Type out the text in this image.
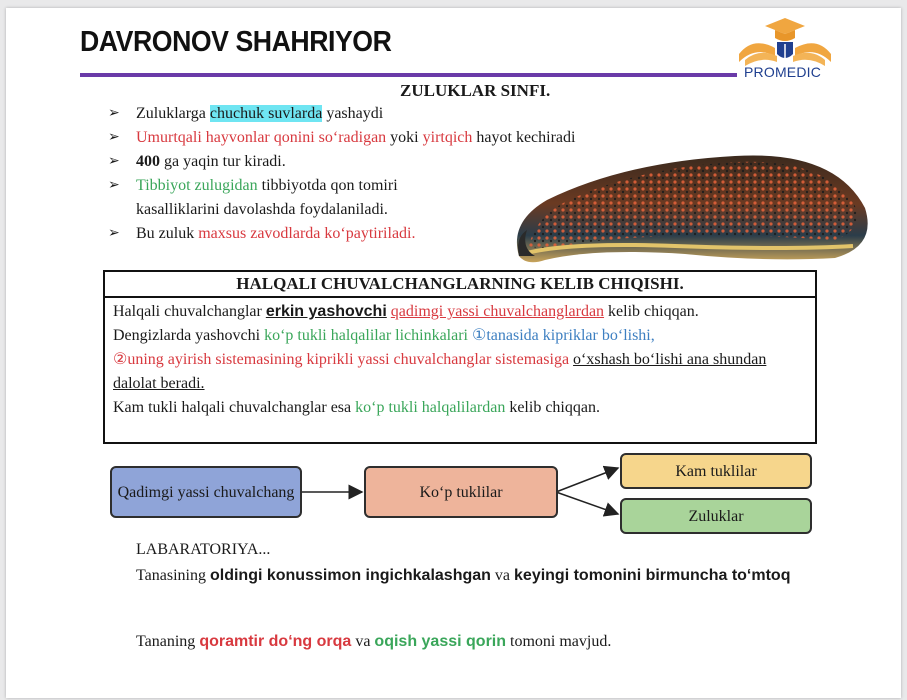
DAVRONOV SHAHRIYOR
PROMEDIC
ZULUKLAR SINFI.
➢ Zuluklarga chuchuk suvlarda yashaydi
➢ Umurtqali hayvonlar qonini so‘radigan yoki yirtqich hayot kechiradi
➢ 400 ga yaqin tur kiradi.
➢ Tibbiyot zulugidan tibbiyotda qon tomiri
kasalliklarini davolashda foydalaniladi.
➢ Bu zuluk maxsus zavodlarda ko‘paytiriladi.
HALQALI CHUVALCHANGLARNING KELIB CHIQISHI.
Halqali chuvalchanglar erkin yashovchi qadimgi yassi chuvalchanglardan kelib chiqqan.
Dengizlarda yashovchi ko‘p tukli halqalilar lichinkalari ①tanasida kipriklar bo‘lishi,
②uning ayirish sistemasining kiprikli yassi chuvalchanglar sistemasiga o‘xshash bo‘lishi ana shundan dalolat beradi.
Kam tukli halqali chuvalchanglar esa ko‘p tukli halqalilardan kelib chiqqan.
Qadimgi yassi chuvalchang	Ko‘p tuklilar
Kam tuklilar
Zuluklar
LABARATORIYA...
Tanasining oldingi konussimon ingichkalashgan va keyingi tomonini birmuncha to‘mtoq
Tananing qoramtir do‘ng orqa va oqish yassi qorin tomoni mavjud.
